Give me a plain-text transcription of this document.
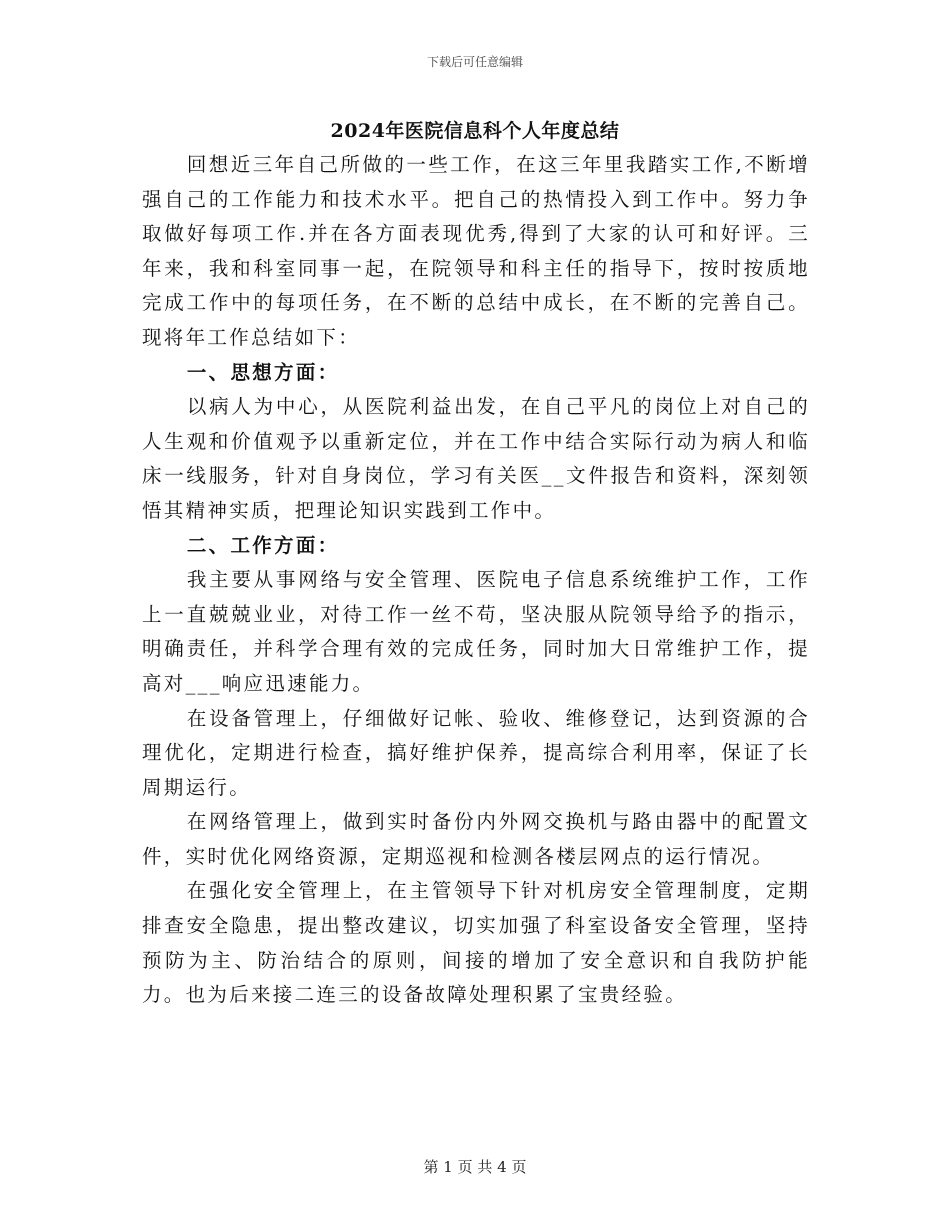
下载后可任意编辑
2024年医院信息科个人年度总结

回想近三年自己所做的一些工作，在这三年里我踏实工作,不断增强自己的工作能力和技术水平。把自己的热情投入到工作中。努力争取做好每项工作.并在各方面表现优秀,得到了大家的认可和好评。三年来，我和科室同事一起，在院领导和科主任的指导下，按时按质地完成工作中的每项任务，在不断的总结中成长，在不断的完善自己。现将年工作总结如下：

一、思想方面：

以病人为中心，从医院利益出发，在自己平凡的岗位上对自己的人生观和价值观予以重新定位，并在工作中结合实际行动为病人和临床一线服务，针对自身岗位，学习有关医__文件报告和资料，深刻领悟其精神实质，把理论知识实践到工作中。

二、工作方面：

我主要从事网络与安全管理、医院电子信息系统维护工作，工作上一直兢兢业业，对待工作一丝不苟，坚决服从院领导给予的指示，明确责任，并科学合理有效的完成任务，同时加大日常维护工作，提高对___响应迅速能力。

在设备管理上，仔细做好记帐、验收、维修登记，达到资源的合理优化，定期进行检查，搞好维护保养，提高综合利用率，保证了长周期运行。

在网络管理上，做到实时备份内外网交换机与路由器中的配置文件，实时优化网络资源，定期巡视和检测各楼层网点的运行情况。

在强化安全管理上，在主管领导下针对机房安全管理制度，定期排查安全隐患，提出整改建议，切实加强了科室设备安全管理，坚持预防为主、防治结合的原则，间接的增加了安全意识和自我防护能力。也为后来接二连三的设备故障处理积累了宝贵经验。

第 1 页 共 4 页
